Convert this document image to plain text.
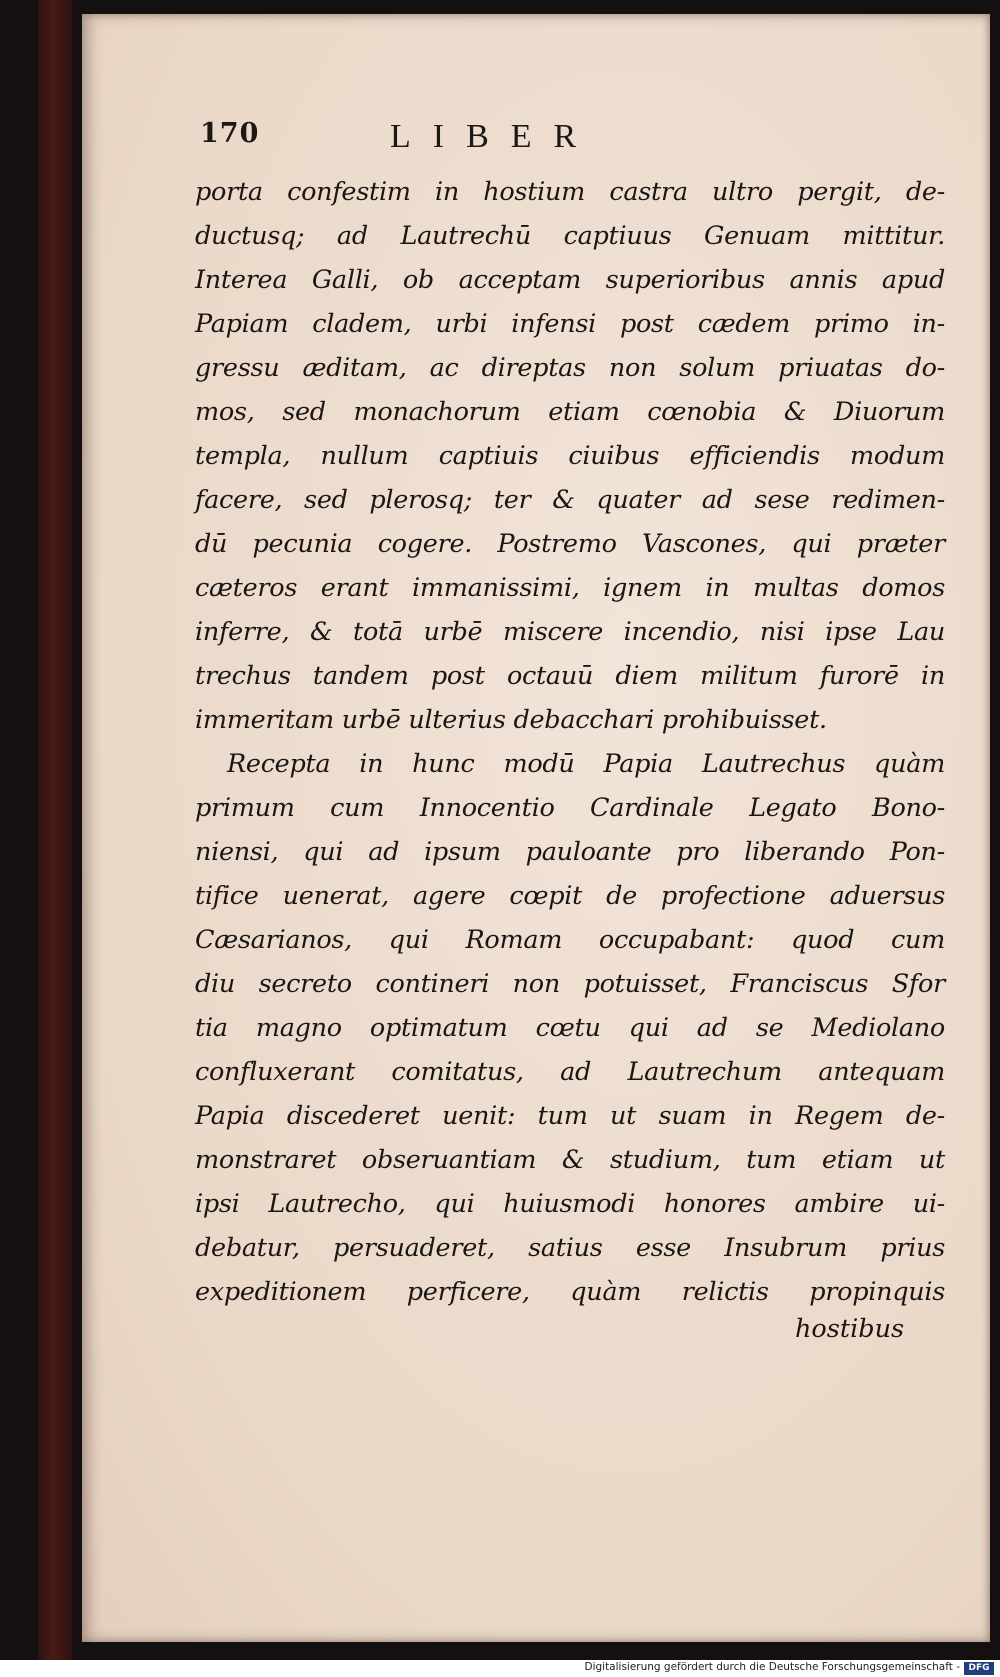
170	LIBER
porta confestim in hostium castra ultro pergit, de-
ductusq; ad Lautrechū captiuus Genuam mittitur.
Interea Galli, ob acceptam superioribus annis apud
Papiam cladem, urbi infensi post cædem primo in-
gressu æditam, ac direptas non solum priuatas do-
mos, sed monachorum etiam cœnobia & Diuorum
templa, nullum captiuis ciuibus efficiendis modum
facere, sed plerosq; ter & quater ad sese redimen-
dū pecunia cogere. Postremo Vascones, qui præter
cæteros erant immanissimi, ignem in multas domos
inferre, & totā urbē miscere incendio, nisi ipse Lau
trechus tandem post octauū diem militum furorē in
immeritam urbē ulterius debacchari prohibuisset.
Recepta in hunc modū Papia Lautrechus quàm
primum cum Innocentio Cardinale Legato Bono-
niensi, qui ad ipsum pauloante pro liberando Pon-
tifice uenerat, agere cœpit de profectione aduersus
Cæsarianos, qui Romam occupabant: quod cum
diu secreto contineri non potuisset, Franciscus Sfor
tia magno optimatum cœtu qui ad se Mediolano
confluxerant comitatus, ad Lautrechum antequam
Papia discederet uenit: tum ut suam in Regem de-
monstraret obseruantiam & studium, tum etiam ut
ipsi Lautrecho, qui huiusmodi honores ambire ui-
debatur, persuaderet, satius esse Insubrum prius
expeditionem perficere, quàm relictis propinquis
hostibus
Digitalisierung gefördert durch die Deutsche Forschungsgemeinschaft - DFG
